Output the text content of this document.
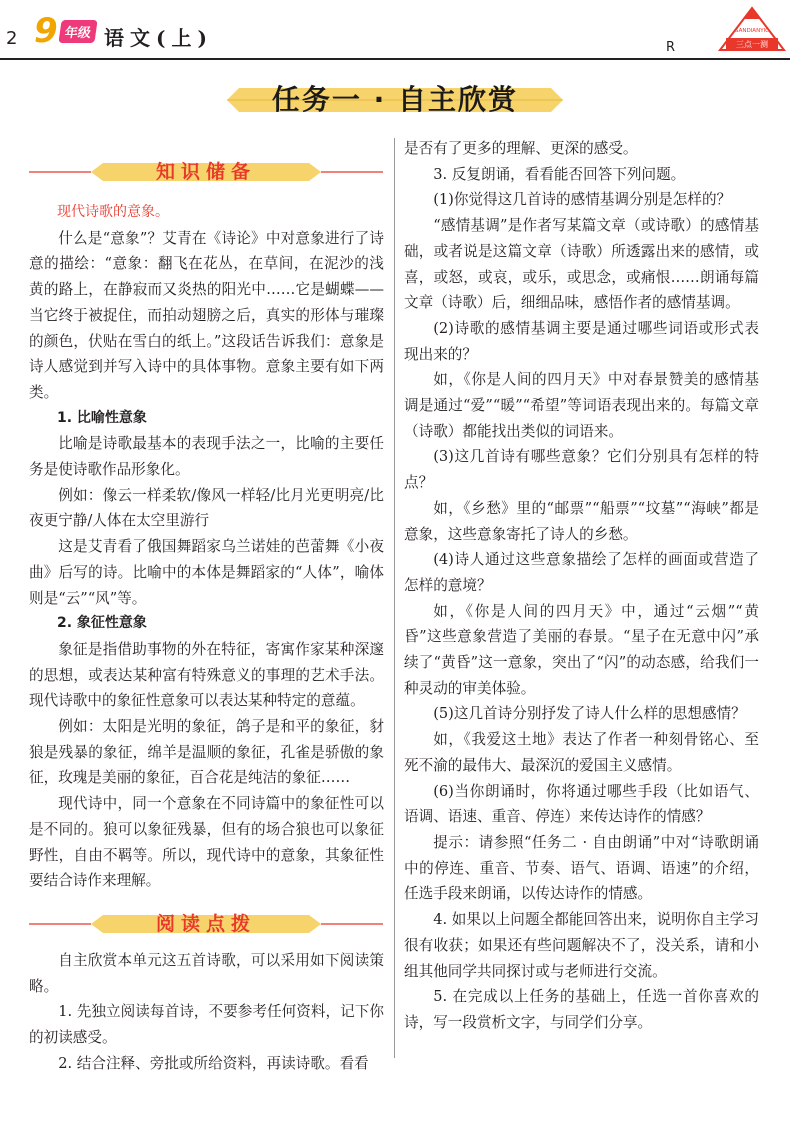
2 9 年级 语文(上)	R	三点一测
SANDIANYIC
任务一 · 自主欣赏
知识储备

现代诗歌的意象。

什么是“意象”？艾青在《诗论》中对意象进行了诗意的描绘：“意象：翻飞在花丛，在草间，在泥沙的浅黄的路上，在静寂而又炎热的阳光中……它是蝴蝶——当它终于被捉住，而拍动翅膀之后，真实的形体与璀璨的颜色，伏贴在雪白的纸上。”这段话告诉我们：意象是诗人感觉到并写入诗中的具体事物。意象主要有如下两类。

1. 比喻性意象

比喻是诗歌最基本的表现手法之一，比喻的主要任务是使诗歌作品形象化。

例如：像云一样柔软/像风一样轻/比月光更明亮/比夜更宁静/人体在太空里游行

这是艾青看了俄国舞蹈家乌兰诺娃的芭蕾舞《小夜曲》后写的诗。比喻中的本体是舞蹈家的“人体”，喻体则是“云”“风”等。

2. 象征性意象

象征是指借助事物的外在特征，寄寓作家某种深邃的思想，或表达某种富有特殊意义的事理的艺术手法。现代诗歌中的象征性意象可以表达某种特定的意蕴。

例如：太阳是光明的象征，鸽子是和平的象征，豺狼是残暴的象征，绵羊是温顺的象征，孔雀是骄傲的象征，玫瑰是美丽的象征，百合花是纯洁的象征……

现代诗中，同一个意象在不同诗篇中的象征性可以是不同的。狼可以象征残暴，但有的场合狼也可以象征野性，自由不羁等。所以，现代诗中的意象，其象征性要结合诗作来理解。

阅读点拨

自主欣赏本单元这五首诗歌，可以采用如下阅读策略。

1. 先独立阅读每首诗，不要参考任何资料，记下你的初读感受。

2. 结合注释、旁批或所给资料，再读诗歌。看看

是否有了更多的理解、更深的感受。

3. 反复朗诵，看看能否回答下列问题。

(1)你觉得这几首诗的感情基调分别是怎样的？

“感情基调”是作者写某篇文章（或诗歌）的感情基础，或者说是这篇文章（诗歌）所透露出来的感情，或喜，或怒，或哀，或乐，或思念，或痛恨……朗诵每篇文章（诗歌）后，细细品味，感悟作者的感情基调。

(2)诗歌的感情基调主要是通过哪些词语或形式表现出来的？

如，《你是人间的四月天》中对春景赞美的感情基调是通过“爱”“暖”“希望”等词语表现出来的。每篇文章（诗歌）都能找出类似的词语来。

(3)这几首诗有哪些意象？它们分别具有怎样的特点？

如，《乡愁》里的“邮票”“船票”“坟墓”“海峡”都是意象，这些意象寄托了诗人的乡愁。

(4)诗人通过这些意象描绘了怎样的画面或营造了怎样的意境？

如，《你是人间的四月天》中，通过“云烟”“黄昏”这些意象营造了美丽的春景。“星子在无意中闪”承续了“黄昏”这一意象，突出了“闪”的动态感，给我们一种灵动的审美体验。

(5)这几首诗分别抒发了诗人什么样的思想感情？

如，《我爱这土地》表达了作者一种刻骨铭心、至死不渝的最伟大、最深沉的爱国主义感情。

(6)当你朗诵时，你将通过哪些手段（比如语气、语调、语速、重音、停连）来传达诗作的情感？

提示：请参照“任务二 · 自由朗诵”中对“诗歌朗诵中的停连、重音、节奏、语气、语调、语速”的介绍，任选手段来朗诵，以传达诗作的情感。

4. 如果以上问题全都能回答出来，说明你自主学习很有收获；如果还有些问题解决不了，没关系，请和小组其他同学共同探讨或与老师进行交流。

5. 在完成以上任务的基础上，任选一首你喜欢的诗，写一段赏析文字，与同学们分享。
